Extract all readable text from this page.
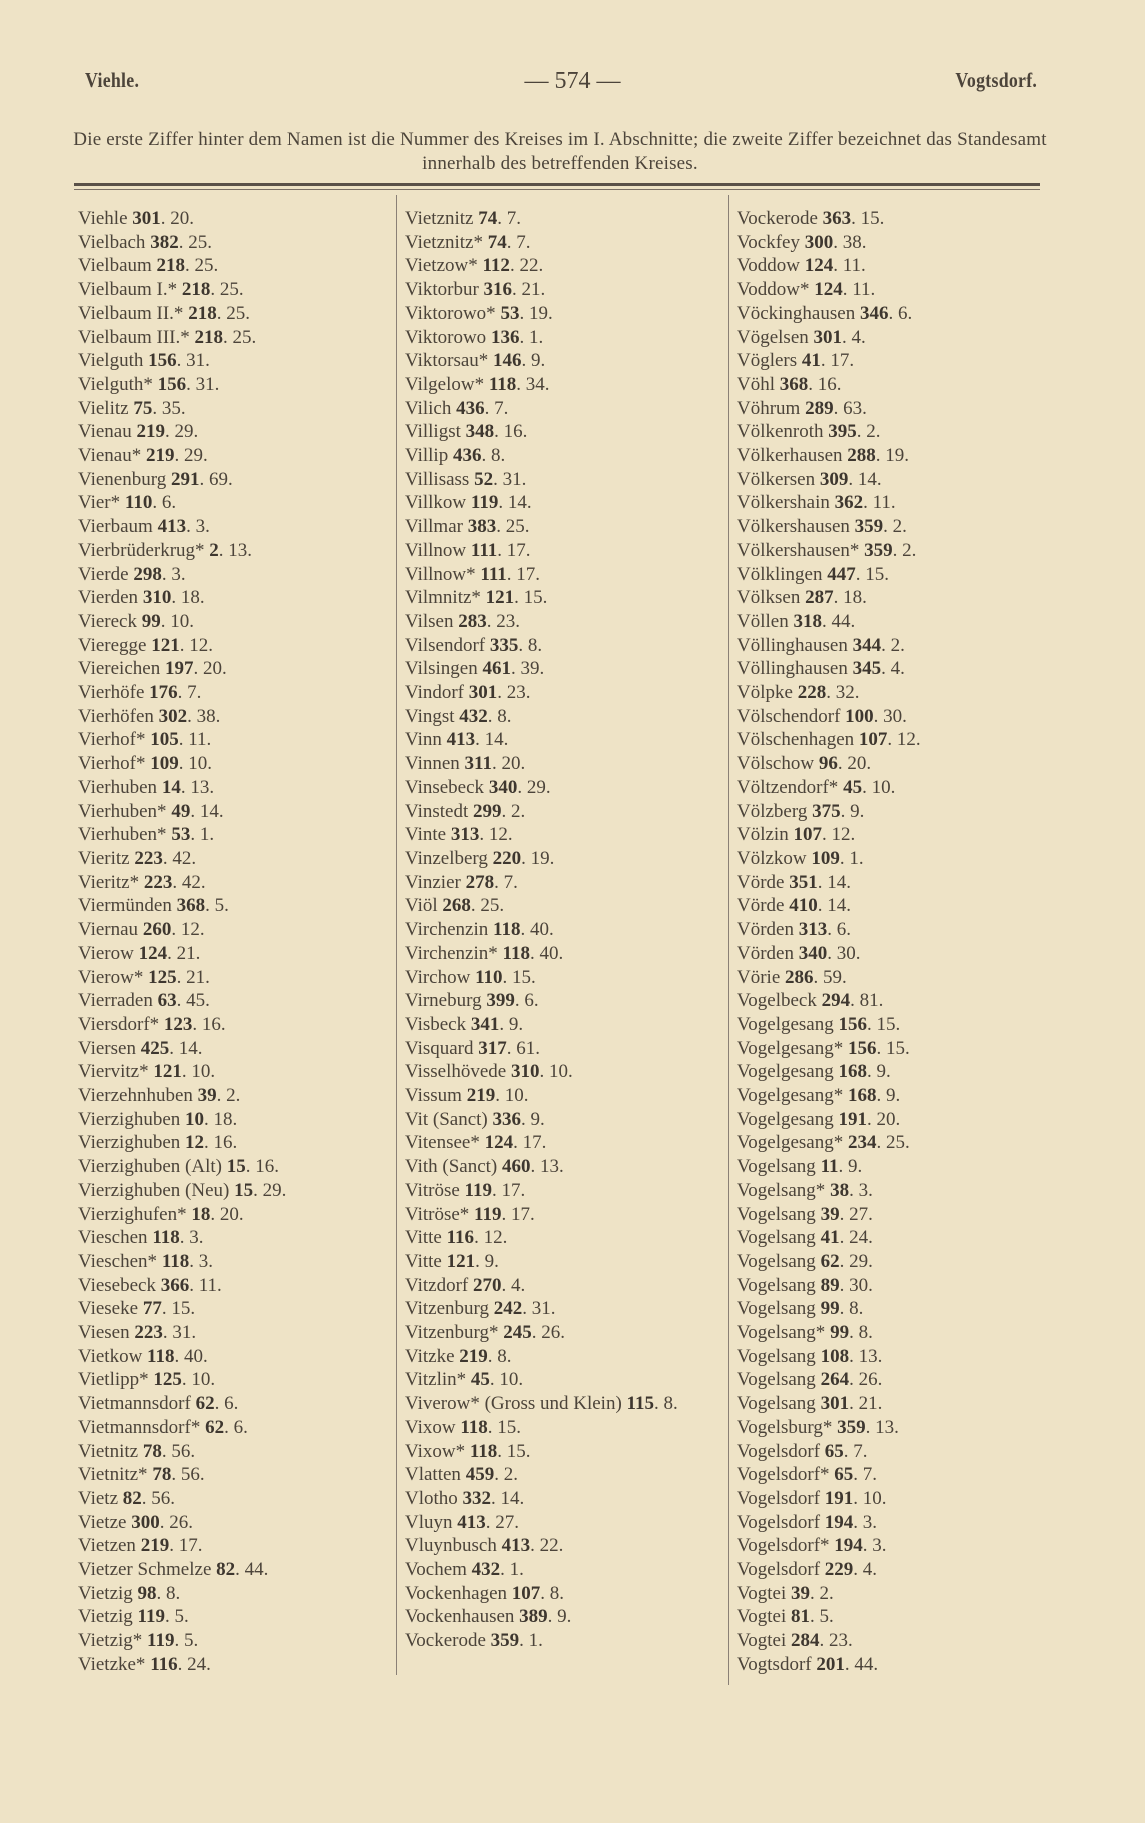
Viehle.	— 574 —	Vogtsdorf.
Die erste Ziffer hinter dem Namen ist die Nummer des Kreises im I. Abschnitte; die zweite Ziffer bezeichnet das Standesamt innerhalb des betreffenden Kreises.
Viehle 301. 20.
Vielbach 382. 25.
Vielbaum 218. 25.
Vielbaum I.* 218. 25.
Vielbaum II.* 218. 25.
Vielbaum III.* 218. 25.
Vielguth 156. 31.
Vielguth* 156. 31.
Vielitz 75. 35.
Vienau 219. 29.
Vienau* 219. 29.
Vienenburg 291. 69.
Vier* 110. 6.
Vierbaum 413. 3.
Vierbrüderkrug* 2. 13.
Vierde 298. 3.
Vierden 310. 18.
Viereck 99. 10.
Vieregge 121. 12.
Viereichen 197. 20.
Vierhöfe 176. 7.
Vierhöfen 302. 38.
Vierhof* 105. 11.
Vierhof* 109. 10.
Vierhuben 14. 13.
Vierhuben* 49. 14.
Vierhuben* 53. 1.
Vieritz 223. 42.
Vieritz* 223. 42.
Viermünden 368. 5.
Viernau 260. 12.
Vierow 124. 21.
Vierow* 125. 21.
Vierraden 63. 45.
Viersdorf* 123. 16.
Viersen 425. 14.
Viervitz* 121. 10.
Vierzehnhuben 39. 2.
Vierzighuben 10. 18.
Vierzighuben 12. 16.
Vierzighuben (Alt) 15. 16.
Vierzighuben (Neu) 15. 29.
Vierzighufen* 18. 20.
Vieschen 118. 3.
Vieschen* 118. 3.
Viesebeck 366. 11.
Vieseke 77. 15.
Viesen 223. 31.
Vietkow 118. 40.
Vietlipp* 125. 10.
Vietmannsdorf 62. 6.
Vietmannsdorf* 62. 6.
Vietnitz 78. 56.
Vietnitz* 78. 56.
Vietz 82. 56.
Vietze 300. 26.
Vietzen 219. 17.
Vietzer Schmelze 82. 44.
Vietzig 98. 8.
Vietzig 119. 5.
Vietzig* 119. 5.
Vietzke* 116. 24.
Vietznitz 74. 7.
Vietznitz* 74. 7.
Vietzow* 112. 22.
Viktorbur 316. 21.
Viktorowo* 53. 19.
Viktorowo 136. 1.
Viktorsau* 146. 9.
Vilgelow* 118. 34.
Vilich 436. 7.
Villigst 348. 16.
Villip 436. 8.
Villisass 52. 31.
Villkow 119. 14.
Villmar 383. 25.
Villnow 111. 17.
Villnow* 111. 17.
Vilmnitz* 121. 15.
Vilsen 283. 23.
Vilsendorf 335. 8.
Vilsingen 461. 39.
Vindorf 301. 23.
Vingst 432. 8.
Vinn 413. 14.
Vinnen 311. 20.
Vinsebeck 340. 29.
Vinstedt 299. 2.
Vinte 313. 12.
Vinzelberg 220. 19.
Vinzier 278. 7.
Viöl 268. 25.
Virchenzin 118. 40.
Virchenzin* 118. 40.
Virchow 110. 15.
Virneburg 399. 6.
Visbeck 341. 9.
Visquard 317. 61.
Visselhövede 310. 10.
Vissum 219. 10.
Vit (Sanct) 336. 9.
Vitensee* 124. 17.
Vith (Sanct) 460. 13.
Vitröse 119. 17.
Vitröse* 119. 17.
Vitte 116. 12.
Vitte 121. 9.
Vitzdorf 270. 4.
Vitzenburg 242. 31.
Vitzenburg* 245. 26.
Vitzke 219. 8.
Vitzlin* 45. 10.
Viverow* (Gross und Klein) 115. 8.
Vixow 118. 15.
Vixow* 118. 15.
Vlatten 459. 2.
Vlotho 332. 14.
Vluyn 413. 27.
Vluynbusch 413. 22.
Vochem 432. 1.
Vockenhagen 107. 8.
Vockenhausen 389. 9.
Vockerode 359. 1.
Vockerode 363. 15.
Vockfey 300. 38.
Voddow 124. 11.
Voddow* 124. 11.
Vöckinghausen 346. 6.
Vögelsen 301. 4.
Vöglers 41. 17.
Vöhl 368. 16.
Vöhrum 289. 63.
Völkenroth 395. 2.
Völkerhausen 288. 19.
Völkersen 309. 14.
Völkershain 362. 11.
Völkershausen 359. 2.
Völkershausen* 359. 2.
Völklingen 447. 15.
Völksen 287. 18.
Völlen 318. 44.
Völlinghausen 344. 2.
Völlinghausen 345. 4.
Völpke 228. 32.
Völschendorf 100. 30.
Völschenhagen 107. 12.
Völschow 96. 20.
Völtzendorf* 45. 10.
Völzberg 375. 9.
Völzin 107. 12.
Völzkow 109. 1.
Vörde 351. 14.
Vörde 410. 14.
Vörden 313. 6.
Vörden 340. 30.
Vörie 286. 59.
Vogelbeck 294. 81.
Vogelgesang 156. 15.
Vogelgesang* 156. 15.
Vogelgesang 168. 9.
Vogelgesang* 168. 9.
Vogelgesang 191. 20.
Vogelgesang* 234. 25.
Vogelsang 11. 9.
Vogelsang* 38. 3.
Vogelsang 39. 27.
Vogelsang 41. 24.
Vogelsang 62. 29.
Vogelsang 89. 30.
Vogelsang 99. 8.
Vogelsang* 99. 8.
Vogelsang 108. 13.
Vogelsang 264. 26.
Vogelsang 301. 21.
Vogelsburg* 359. 13.
Vogelsdorf 65. 7.
Vogelsdorf* 65. 7.
Vogelsdorf 191. 10.
Vogelsdorf 194. 3.
Vogelsdorf* 194. 3.
Vogelsdorf 229. 4.
Vogtei 39. 2.
Vogtei 81. 5.
Vogtei 284. 23.
Vogtsdorf 201. 44.
